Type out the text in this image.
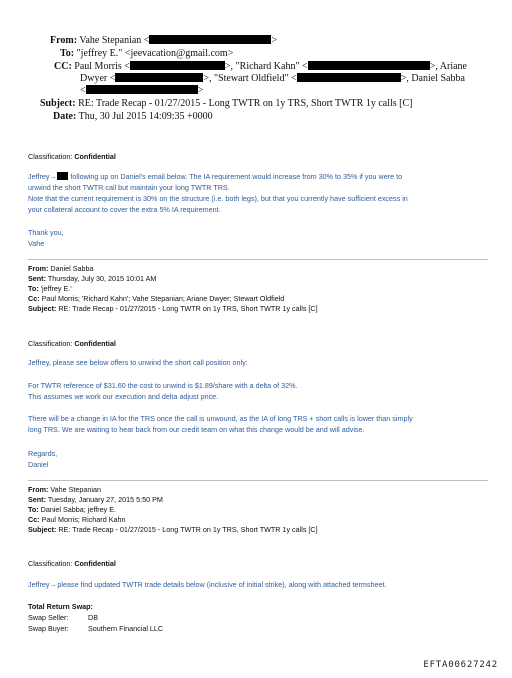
From: Vahe Stepanian <	>
To: "jeffrey E." <jeevacation@gmail.com>
CC: Paul Morris <	>, "Richard Kahn" <	>, Ariane
Dwyer <	>, "Stewart Oldfield" <	>, Daniel Sabba
<	>
Subject: RE: Trade Recap - 01/27/2015 - Long TWTR on 1y TRS, Short TWTR 1y calls [C]
Date: Thu, 30 Jul 2015 14:09:35 +0000
Classification: Confidential
Jeffrey –  following up on Daniel's email below. The IA requirement would increase from 30% to 35% if you were to
unwind the short TWTR call but maintain your long TWTR TRS.
Note that the current requirement is 30% on the structure (i.e. both legs), but that you currently have sufficient excess in
your collateral account to cover the extra 5% IA requirement.
Thank you,
Vahe
From: Daniel Sabba
Sent: Thursday, July 30, 2015 10:01 AM
To: 'jeffrey E.'
Cc: Paul Morris; 'Richard Kahn'; Vahe Stepanian; Ariane Dwyer; Stewart Oldfield
Subject: RE: Trade Recap - 01/27/2015 - Long TWTR on 1y TRS, Short TWTR 1y calls [C]
Classification: Confidential
Jeffrey, please see below offers to unwind the short call position only:
For TWTR reference of $31.60 the cost to unwind is $1.89/share with a delta of 32%.
This assumes we work our execution and delta adjust price.
There will be a change in IA for the TRS once the call is unwound, as the IA of long TRS + short calls is lower than simply
long TRS. We are waiting to hear back from our credit team on what this change would be and will advise.
Regards,
Daniel
From: Vahe Stepanian
Sent: Tuesday, January 27, 2015 5:50 PM
To: Daniel Sabba; jeffrey E.
Cc: Paul Morris; Richard Kahn
Subject: RE: Trade Recap - 01/27/2015 - Long TWTR on 1y TRS, Short TWTR 1y calls [C]
Classification: Confidential
Jeffrey – please find updated TWTR trade details below (inclusive of initial strike), along with attached termsheet.
Total Return Swap:
Swap Seller:	DB
Swap Buyer:	Southern Financial LLC
EFTA00627242
